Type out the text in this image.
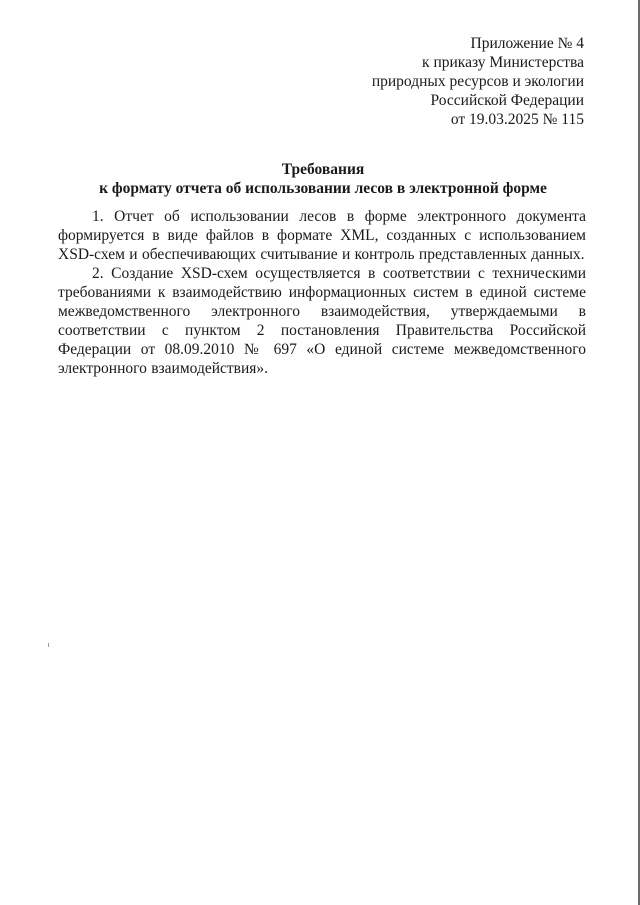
Приложение № 4
к приказу Министерства
природных ресурсов и экологии
Российской Федерации
от 19.03.2025 № 115
Требования
к формату отчета об использовании лесов в электронной форме

1. Отчет об использовании лесов в форме электронного документа формируется в виде файлов в формате XML, созданных с использованием XSD-схем и обеспечивающих считывание и контроль представленных данных.

2. Создание XSD-схем осуществляется в соответствии с техническими требованиями к взаимодействию информационных систем в единой системе межведомственного электронного взаимодействия, утверждаемыми в соответствии с пунктом 2 постановления Правительства Российской Федерации от 08.09.2010 № 697 «О единой системе межведомственного электронного взаимодействия».
